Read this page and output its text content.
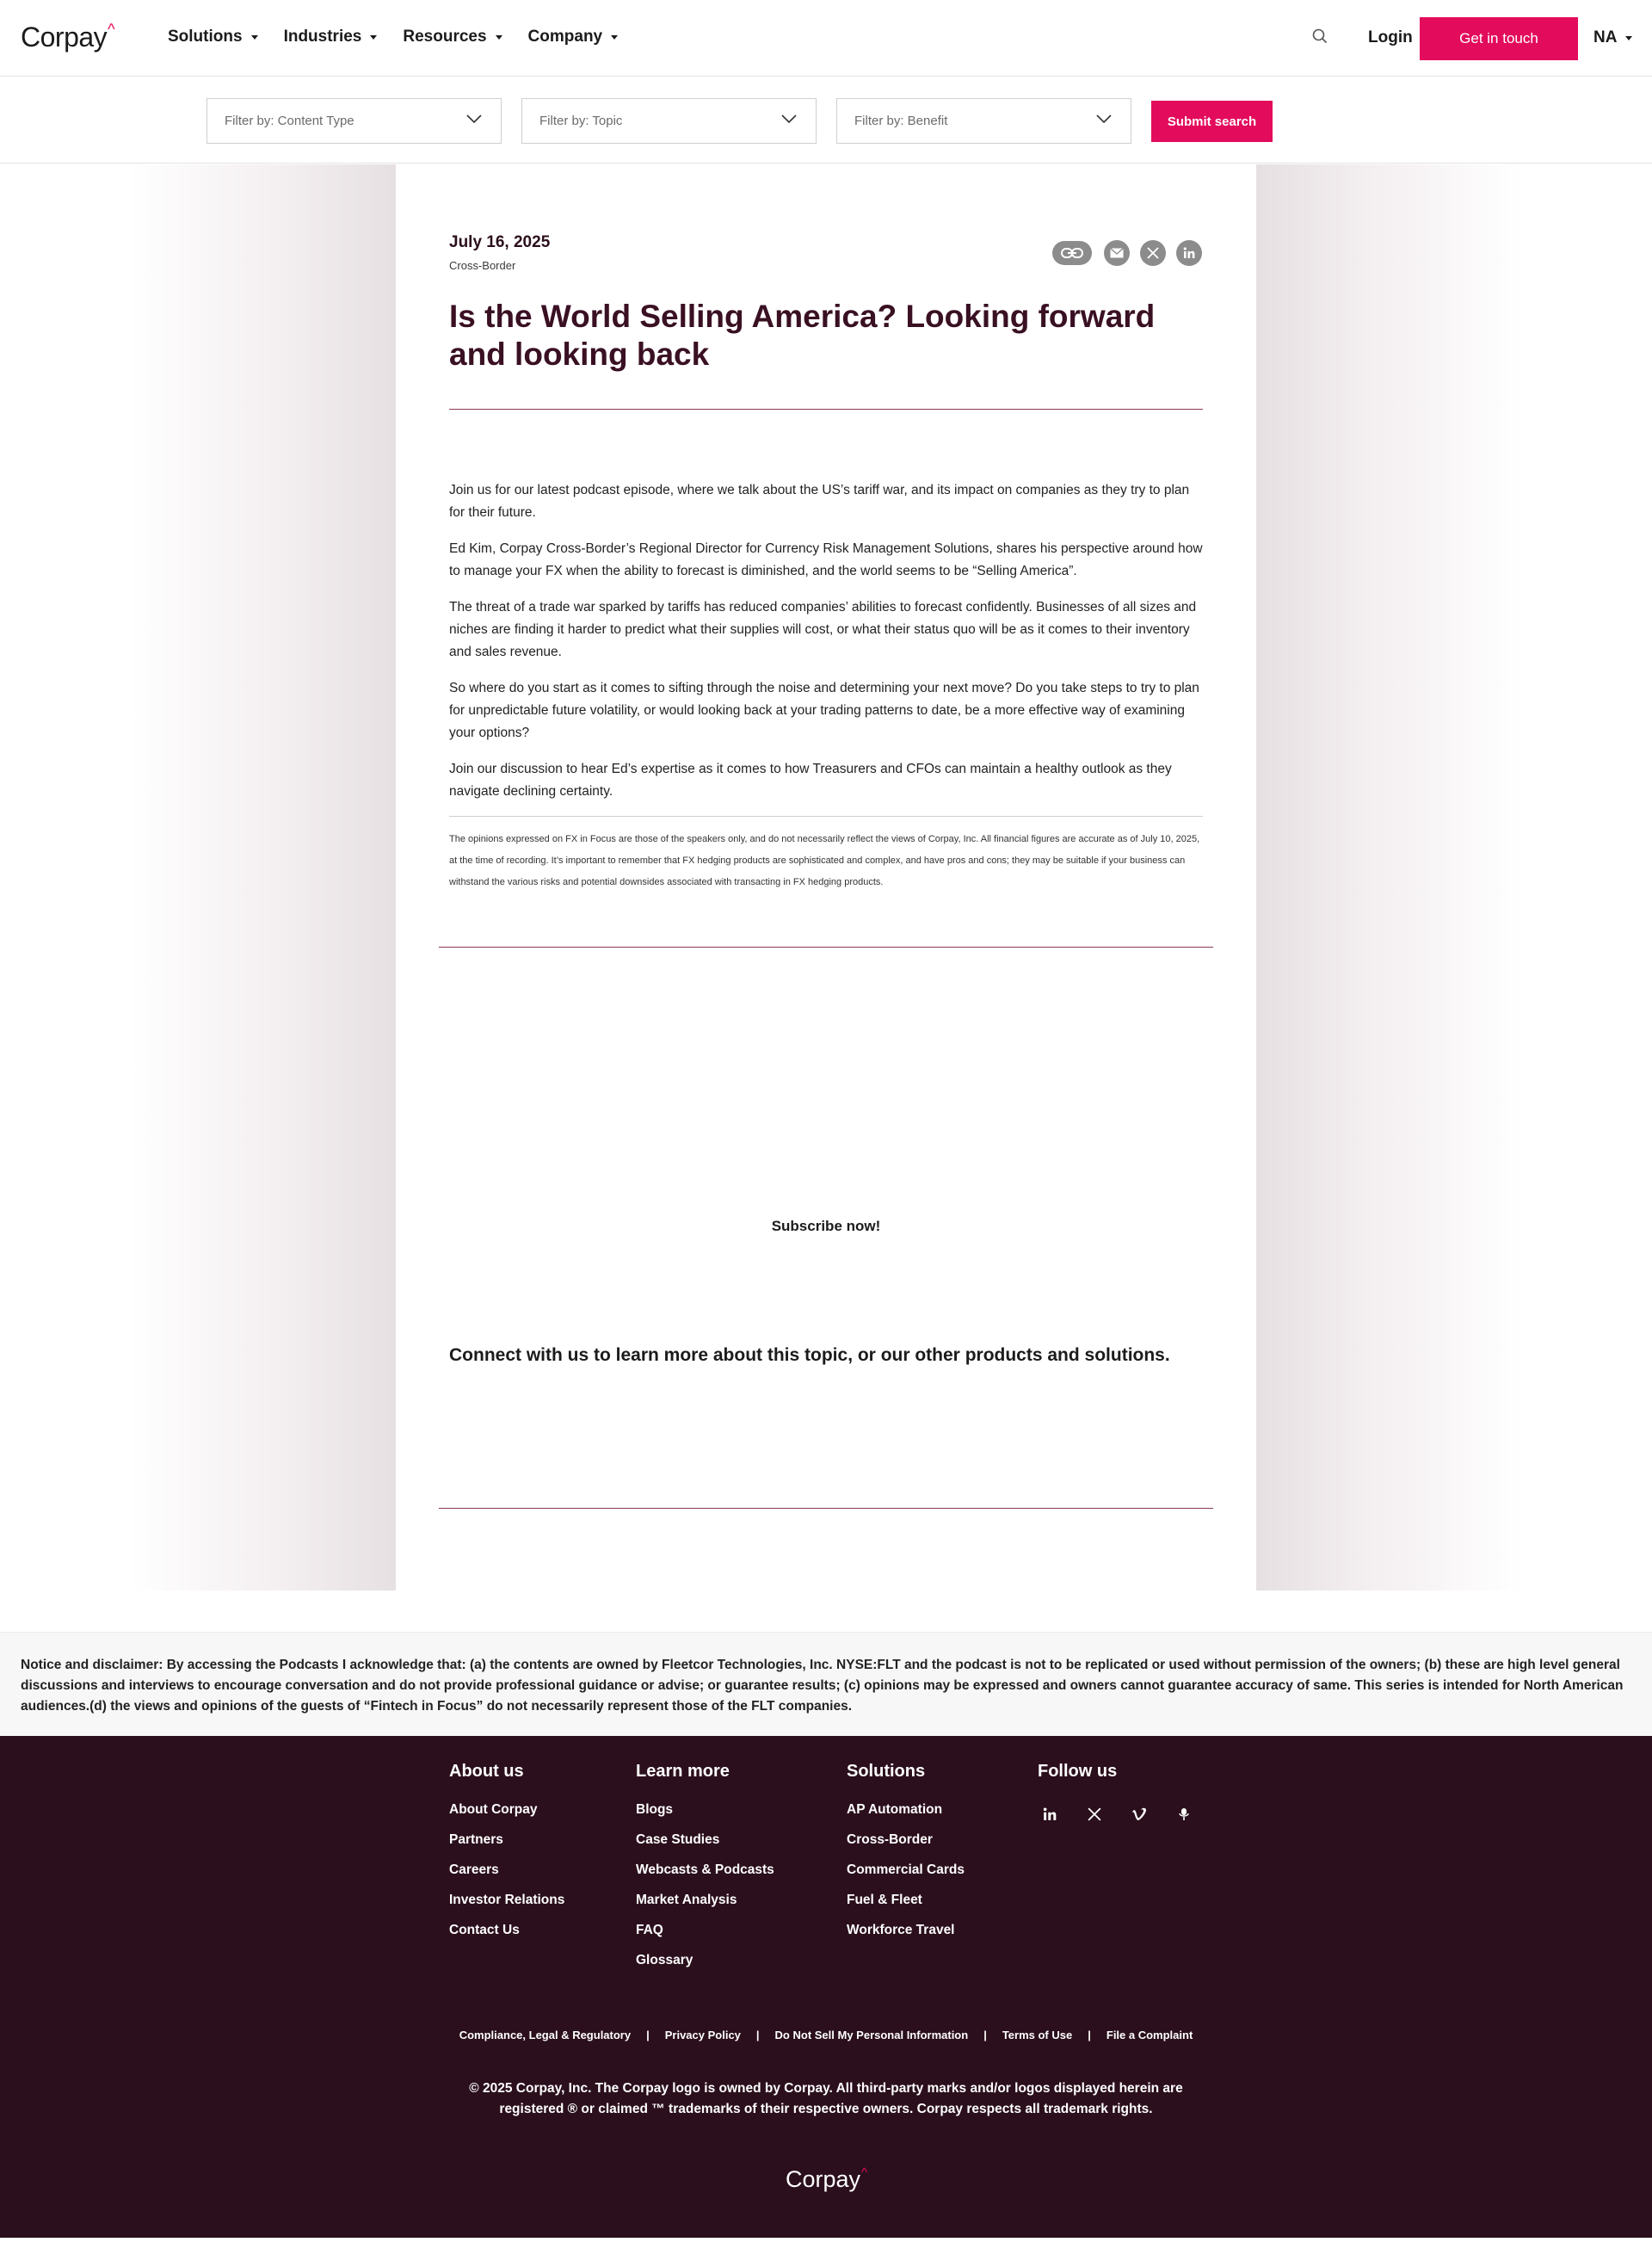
Corpay^	Solutions	Industries	Resources	Company	Login	Get in touch	NA
Filter by: Content Type	Filter by: Topic	Filter by: Benefit	Submit search
July 16, 2025
Cross-Border
Is the World Selling America? Looking forward and looking back

Join us for our latest podcast episode, where we talk about the US’s tariff war, and its impact on companies as they try to plan for their future.

Ed Kim, Corpay Cross-Border’s Regional Director for Currency Risk Management Solutions, shares his perspective around how to manage your FX when the ability to forecast is diminished, and the world seems to be “Selling America”.

The threat of a trade war sparked by tariffs has reduced companies’ abilities to forecast confidently. Businesses of all sizes and niches are finding it harder to predict what their supplies will cost, or what their status quo will be as it comes to their inventory and sales revenue.

So where do you start as it comes to sifting through the noise and determining your next move? Do you take steps to try to plan for unpredictable future volatility, or would looking back at your trading patterns to date, be a more effective way of examining your options?

Join our discussion to hear Ed’s expertise as it comes to how Treasurers and CFOs can maintain a healthy outlook as they navigate declining certainty.

The opinions expressed on FX in Focus are those of the speakers only, and do not necessarily reflect the views of Corpay, Inc. All financial figures are accurate as of July 10, 2025, at the time of recording. It’s important to remember that FX hedging products are sophisticated and complex, and have pros and cons; they may be suitable if your business can withstand the various risks and potential downsides associated with transacting in FX hedging products.
Subscribe now!
Connect with us to learn more about this topic, or our other products and solutions.

Notice and disclaimer: By accessing the Podcasts I acknowledge that: (a) the contents are owned by Fleetcor Technologies, Inc. NYSE:FLT and the podcast is not to be replicated or used without permission of the owners; (b) these are high level general discussions and interviews to encourage conversation and do not provide professional guidance or advise; or guarantee results; (c) opinions may be expressed and owners cannot guarantee accuracy of same. This series is intended for North American audiences.(d) the views and opinions of the guests of “Fintech in Focus” do not necessarily represent those of the FLT companies.

About us
About Corpay
Partners
Careers
Investor Relations
Contact Us
Learn more
Blogs
Case Studies
Webcasts & Podcasts
Market Analysis
FAQ
Glossary
Solutions
AP Automation
Cross-Border
Commercial Cards
Fuel & Fleet
Workforce Travel
Follow us
Compliance, Legal & Regulatory | Privacy Policy | Do Not Sell My Personal Information | Terms of Use | File a Complaint
© 2025 Corpay, Inc. The Corpay logo is owned by Corpay. All third-party marks and/or logos displayed herein are registered ® or claimed ™ trademarks of their respective owners. Corpay respects all trademark rights.
Corpay^
